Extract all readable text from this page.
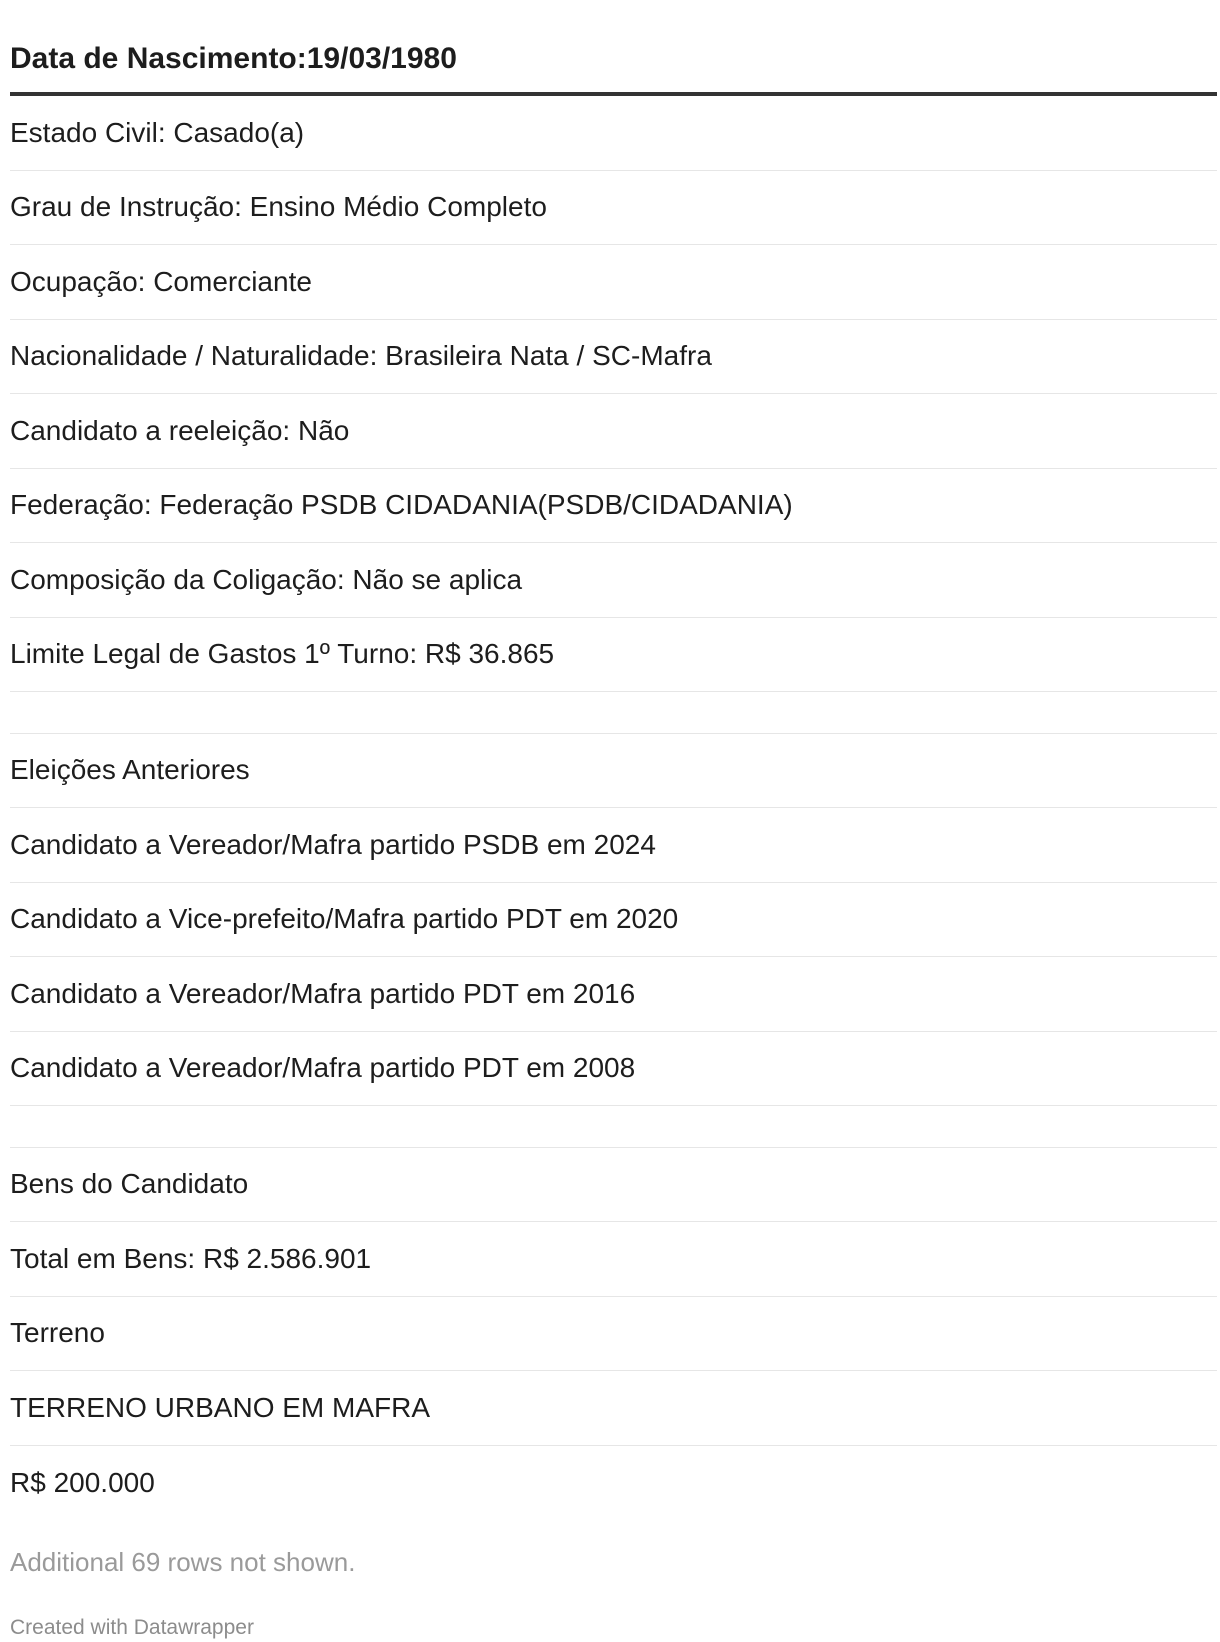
Data de Nascimento:19/03/1980
Estado Civil: Casado(a)
Grau de Instrução: Ensino Médio Completo
Ocupação: Comerciante
Nacionalidade / Naturalidade: Brasileira Nata / SC-Mafra
Candidato a reeleição: Não
Federação: Federação PSDB CIDADANIA(PSDB/CIDADANIA)
Composição da Coligação: Não se aplica
Limite Legal de Gastos 1º Turno: R$ 36.865
Eleições Anteriores
Candidato a Vereador/Mafra partido PSDB em 2024
Candidato a Vice-prefeito/Mafra partido PDT em 2020
Candidato a Vereador/Mafra partido PDT em 2016
Candidato a Vereador/Mafra partido PDT em 2008
Bens do Candidato
Total em Bens: R$ 2.586.901
Terreno
TERRENO URBANO EM MAFRA
R$ 200.000
Additional 69 rows not shown.
Created with Datawrapper
